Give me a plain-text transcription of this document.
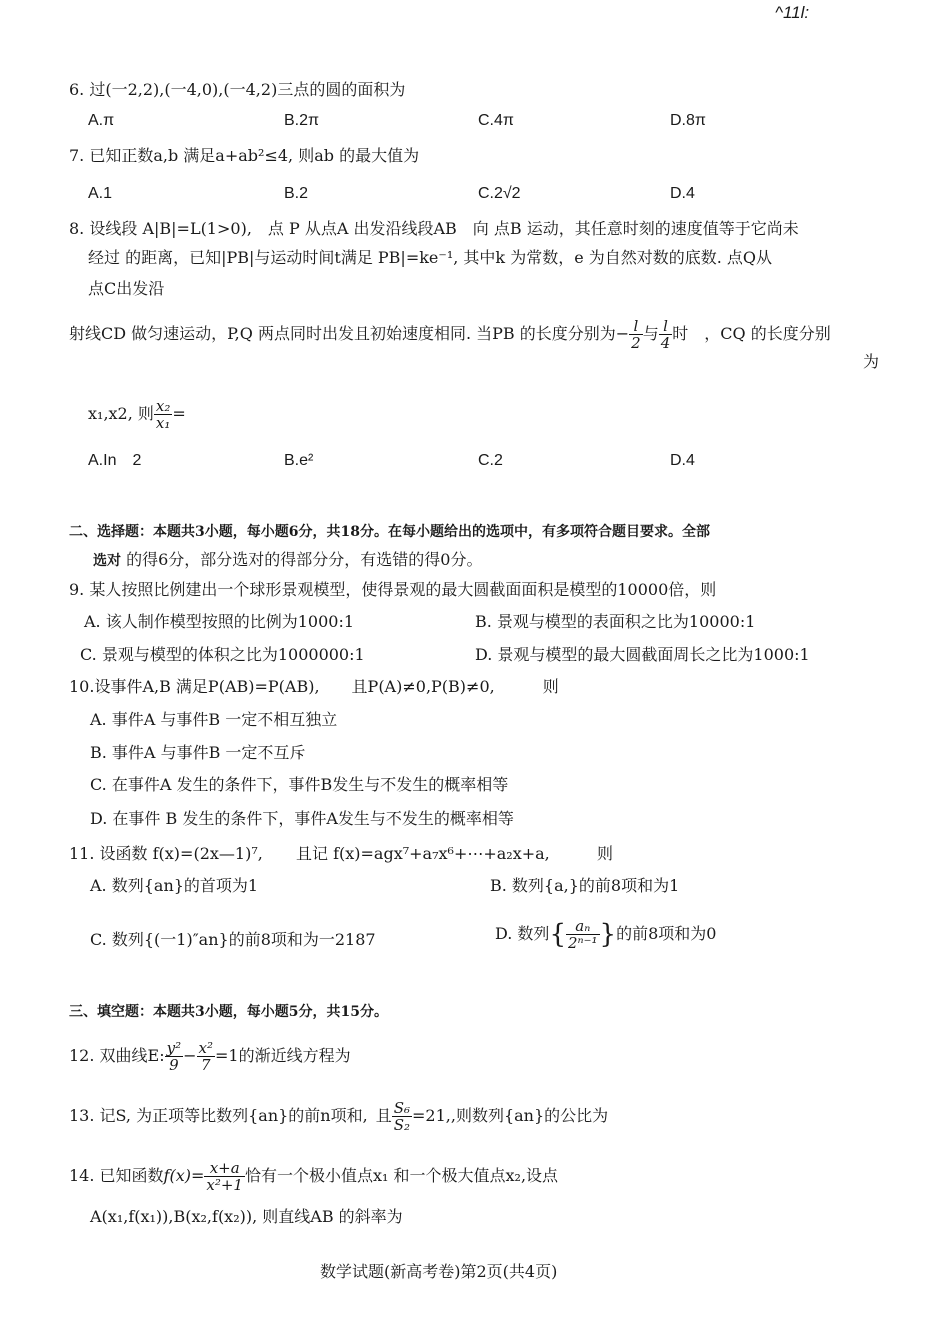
^11l:
6. 过(一2,2),(一4,0),(一4,2)三点的圆的面积为
A.π	B.2π	C.4π	D.8π
7. 已知正数a,b 满足a+ab²≤4, 则ab 的最大值为
A.1	B.2	C.2√2	D.4
8. 设线段 A|B|=L(1>0),　点 P 从点A 出发沿线段AB　向 点B 运动，其任意时刻的速度值等于它尚未
经过 的距离，已知|PB|与运动时间t满足 PB|=ke⁻¹, 其中k 为常数，e 为自然对数的底数. 点Q从
点C出发沿
射线CD 做匀速运动，P,Q 两点同时出发且初始速度相同. 当PB 的长度分别为− $\frac{l}{2}$ 与 $\frac{l}{4}$ 时　，CQ 的长度分别
为
x₁,x2, 则 $\frac{\text{x₂}}{\text{x₁}}$ =
A.In　2	B.e²	C.2	D.4
二、选择题：本题共3小题，每小题6分，共18分。在每小题给出的选项中，有多项符合题目要求。全部
选对 的得6分，部分选对的得部分分，有选错的得0分。
9. 某人按照比例建出一个球形景观模型，使得景观的最大圆截面面积是模型的10000倍，则
A. 该人制作模型按照的比例为1000:1	B. 景观与模型的表面积之比为10000:1
C. 景观与模型的体积之比为1000000:1	D. 景观与模型的最大圆截面周长之比为1000:1
10.设事件A,B 满足P(AB)=P(AB),　　且P(A)≠0,P(B)≠0,　　　则
A. 事件A 与事件B 一定不相互独立
B. 事件A 与事件B 一定不互斥
C. 在事件A 发生的条件下，事件B发生与不发生的概率相等
D. 在事件 B 发生的条件下，事件A发生与不发生的概率相等
11. 设函数 f(x)=(2x—1)⁷, 且记 f(x)=agx⁷+a₇x⁶+⋯+a₂x+a,	则
A. 数列{an}的首项为1	B. 数列{a,}的前8项和为1
C. 数列{(一1)″an}的前8项和为一2187	D. 数列{ $\frac{\text{aₙ}}{\text{2ⁿ⁻¹}}$ }的前8项和为0
三、填空题：本题共3小题，每小题5分，共15分。
12. 双曲线E: $\frac{\text{y²}}{9} - \frac{\text{x²}}{7} =1$的渐近线方程为
13. 记S, 为正项等比数列{an}的前n项和, 且 $\frac{\text{S₆}}{\text{S₂}} =21$,,则数列{an}的公比为
14. 已知函数$f(x)= \frac{x+a}{\text{x²+1}}$ 恰有一个极小值点x₁ 和一个极大值点x₂,设点
A(x₁,f(x₁)),B(x₂,f(x₂)), 则直线AB 的斜率为
数学试题(新高考卷)第2页(共4页)
